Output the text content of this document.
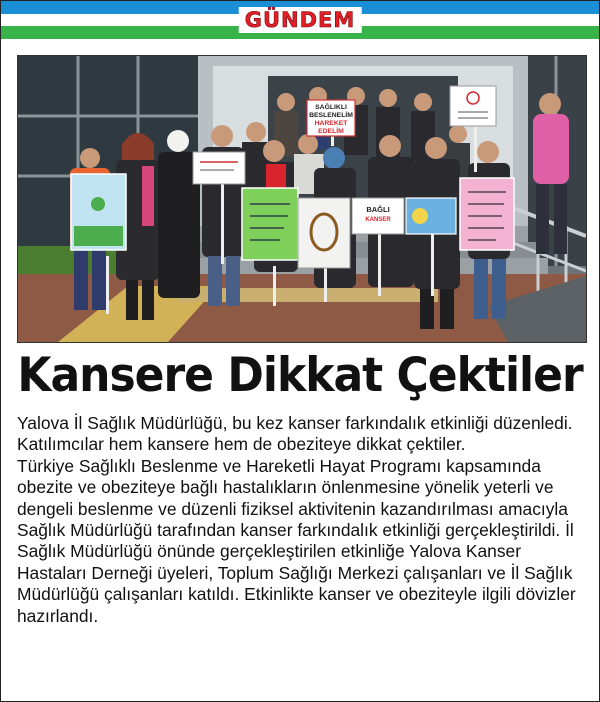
GÜNDEM
SAĞLIKLI
BESLENELİM
HAREKET
EDELİM
BAĞLI
KANSER
Kansere Dikkat Çektiler

Yalova İl Sağlık Müdürlüğü, bu kez kanser farkındalık etkinliği düzenledi. Katılımcılar hem kansere hem de obeziteye dikkat çektiler.

Türkiye Sağlıklı Beslenme ve Hareketli Hayat Programı kapsamında obezite ve obeziteye bağlı hastalıkların önlenmesine yönelik yeterli ve dengeli beslenme ve düzenli fiziksel aktivitenin kazandırılması amacıyla Sağlık Müdürlüğü tarafından kanser farkındalık etkinliği gerçekleştirildi. İl Sağlık Müdürlüğü önünde gerçekleştirilen etkinliğe Yalova Kanser Hastaları Derneği üyeleri, Toplum Sağlığı Merkezi çalışanları ve İl Sağlık Müdürlüğü çalışanları katıldı. Etkinlikte kanser ve obeziteyle ilgili dövizler hazırlandı.
